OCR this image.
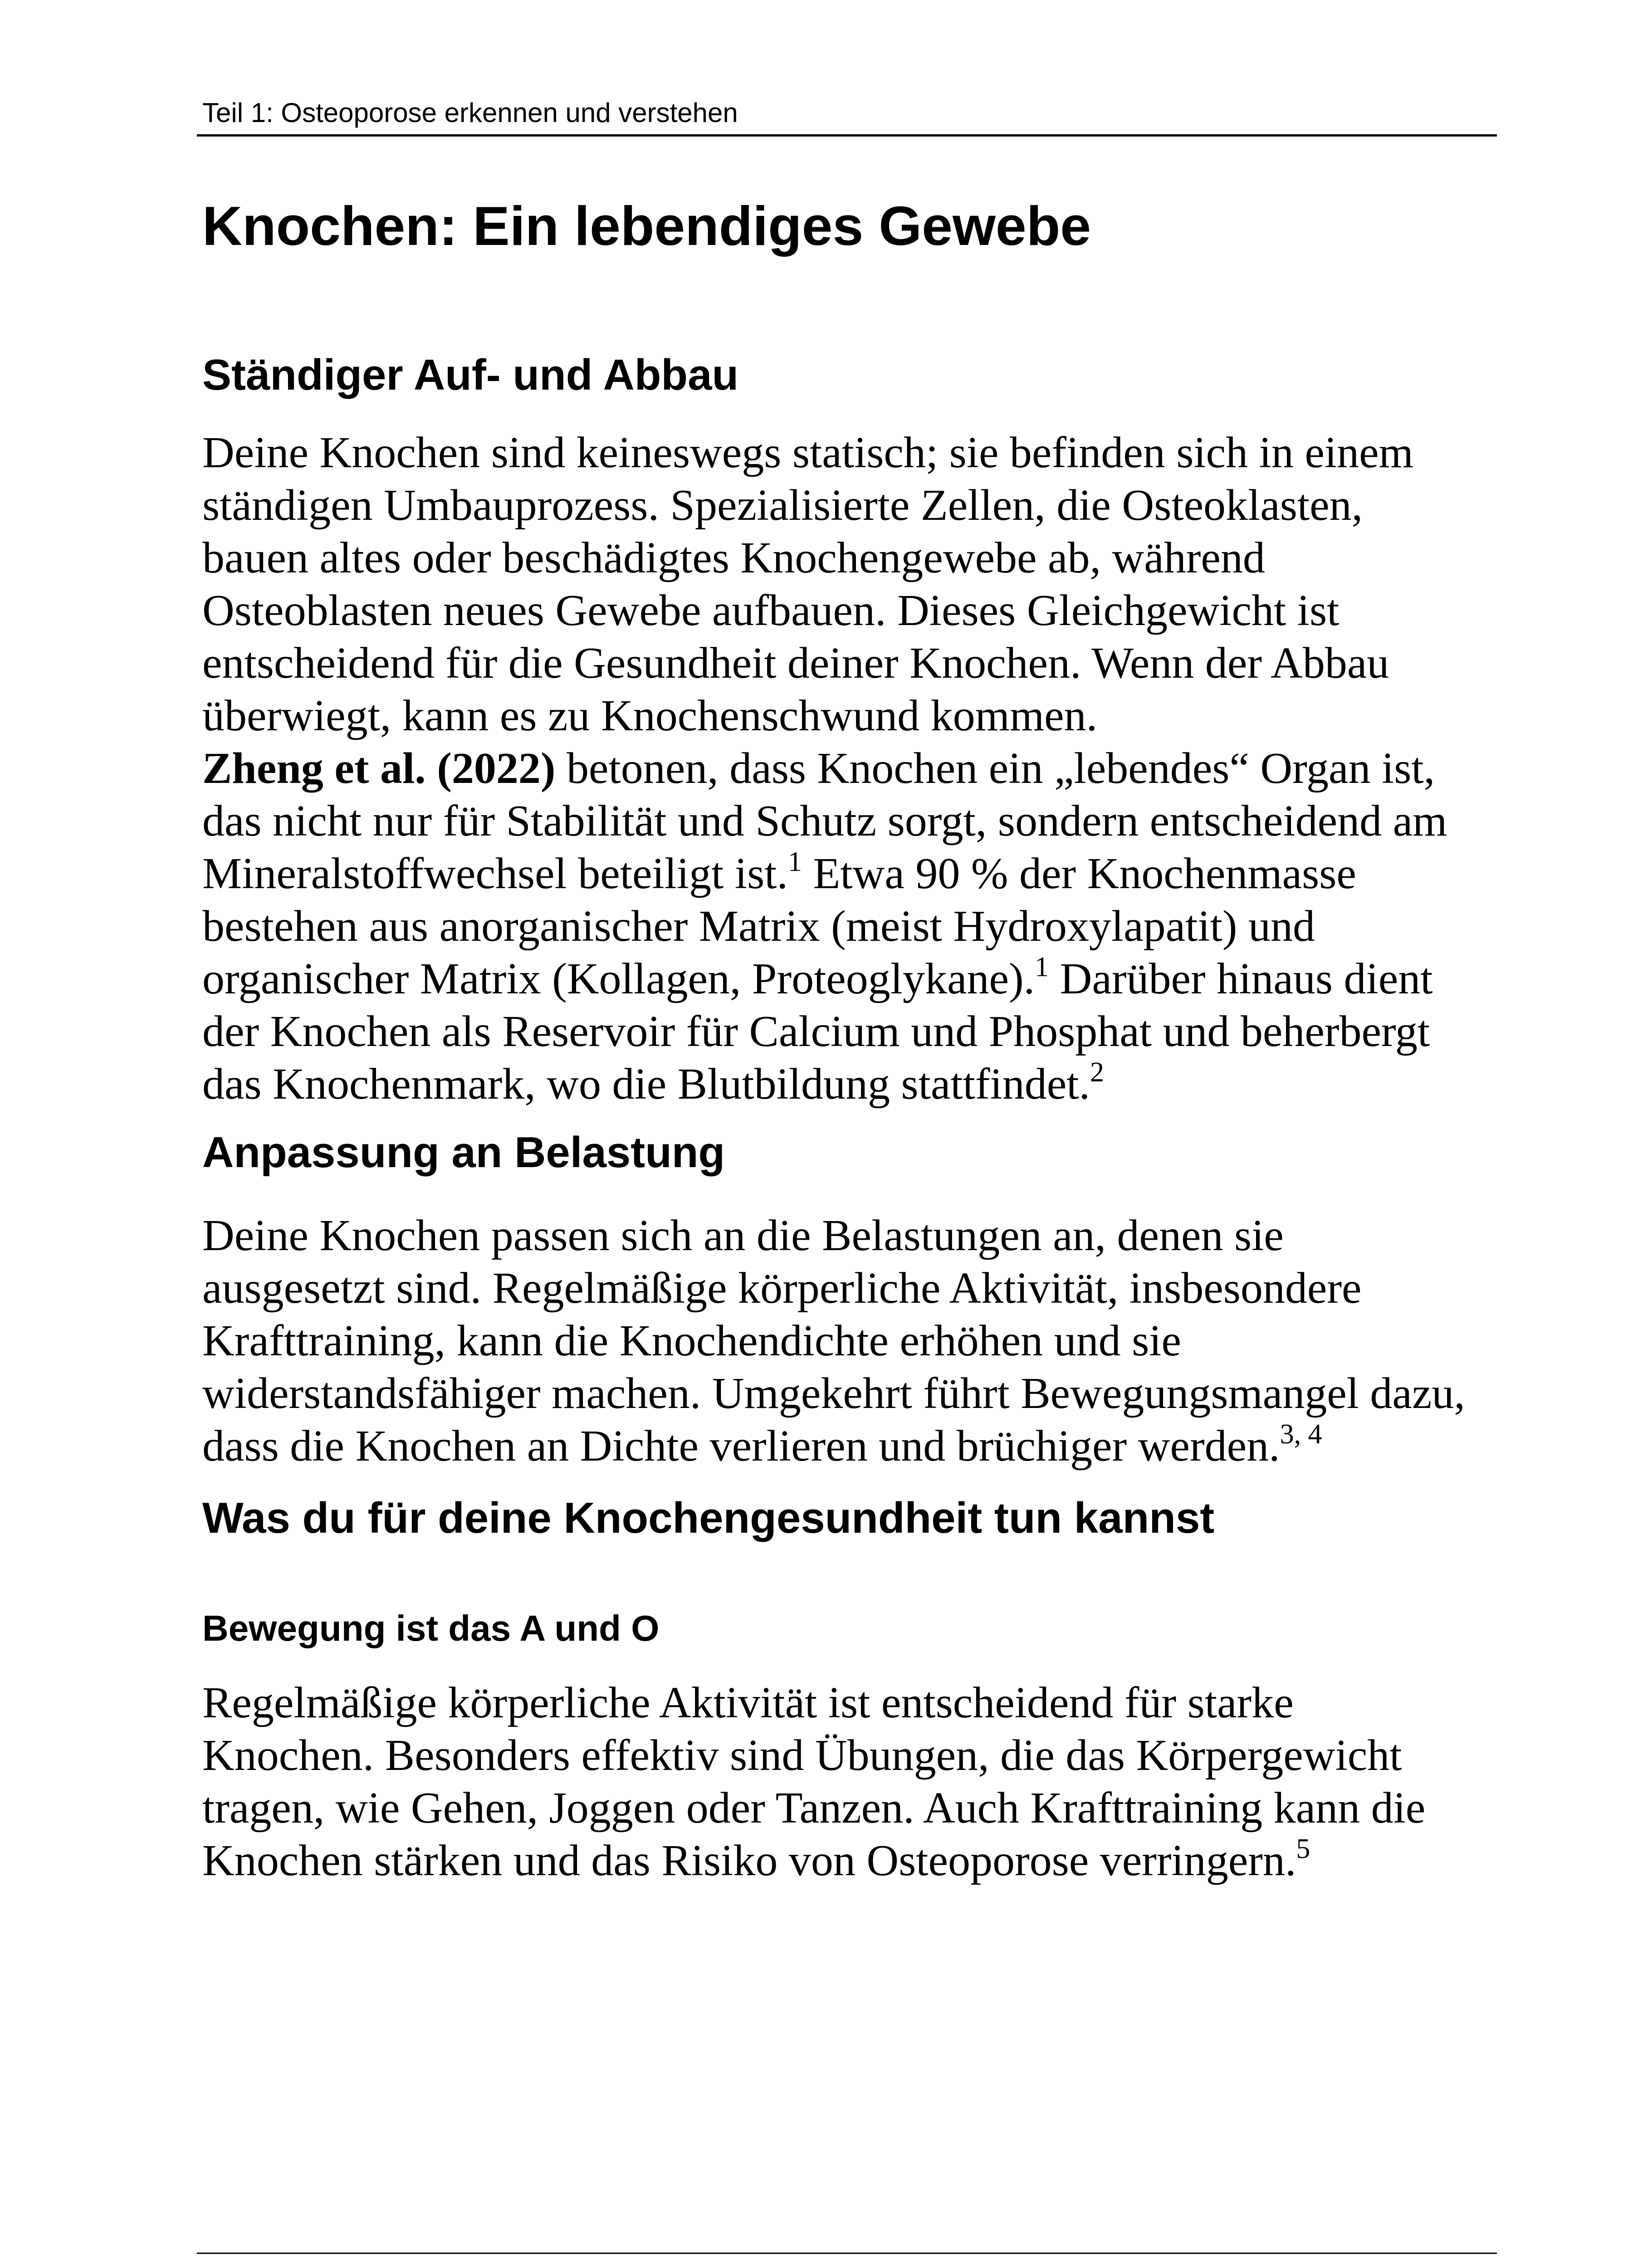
Teil 1: Osteoporose erkennen und verstehen
Knochen: Ein lebendiges Gewebe
Ständiger Auf- und Abbau
Deine Knochen sind keineswegs statisch; sie befinden sich in einem
ständigen Umbauprozess. Spezialisierte Zellen, die Osteoklasten,
bauen altes oder beschädigtes Knochengewebe ab, während
Osteoblasten neues Gewebe aufbauen. Dieses Gleichgewicht ist
entscheidend für die Gesundheit deiner Knochen. Wenn der Abbau
überwiegt, kann es zu Knochenschwund kommen.
Zheng et al. (2022) betonen, dass Knochen ein „lebendes“ Organ ist,
das nicht nur für Stabilität und Schutz sorgt, sondern entscheidend am
Mineralstoffwechsel beteiligt ist.$^1$ Etwa 90 % der Knochenmasse
bestehen aus anorganischer Matrix (meist Hydroxylapatit) und
organischer Matrix (Kollagen, Proteoglykane).$^1$ Darüber hinaus dient
der Knochen als Reservoir für Calcium und Phosphat und beherbergt
das Knochenmark, wo die Blutbildung stattfindet.$^2$
Anpassung an Belastung
Deine Knochen passen sich an die Belastungen an, denen sie
ausgesetzt sind. Regelmäßige körperliche Aktivität, insbesondere
Krafttraining, kann die Knochendichte erhöhen und sie
widerstandsfähiger machen. Umgekehrt führt Bewegungsmangel dazu,
dass die Knochen an Dichte verlieren und brüchiger werden.$^{3, 4}$
Was du für deine Knochengesundheit tun kannst
Bewegung ist das A und O
Regelmäßige körperliche Aktivität ist entscheidend für starke
Knochen. Besonders effektiv sind Übungen, die das Körpergewicht
tragen, wie Gehen, Joggen oder Tanzen. Auch Krafttraining kann die
Knochen stärken und das Risiko von Osteoporose verringern.$^5$
